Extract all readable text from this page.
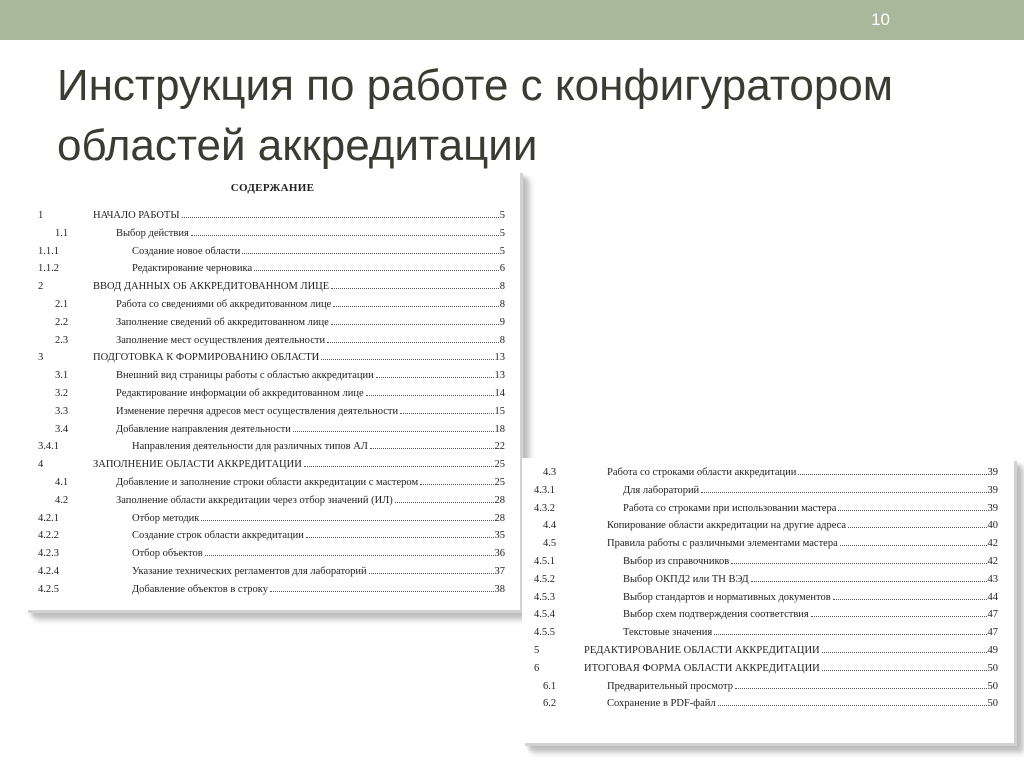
10
Инструкция по работе с конфигуратором
областей аккредитации
СОДЕРЖАНИЕ
1	НАЧАЛО РАБОТЫ	5
1.1	Выбор действия	5
1.1.1	Создание новое области	5
1.1.2	Редактирование черновика	6
2	ВВОД ДАННЫХ ОБ АККРЕДИТОВАННОМ ЛИЦЕ	8
2.1	Работа со сведениями об аккредитованном лице	8
2.2	Заполнение сведений об аккредитованном лице	9
2.3	Заполнение мест осуществления деятельности	8
3	ПОДГОТОВКА К ФОРМИРОВАНИЮ ОБЛАСТИ	13
3.1	Внешний вид страницы работы с областью аккредитации	13
3.2	Редактирование информации об аккредитованном лице	14
3.3	Изменение перечня адресов мест осуществления деятельности	15
3.4	Добавление направления деятельности	18
3.4.1	Направления деятельности для различных типов АЛ	22
4	ЗАПОЛНЕНИЕ ОБЛАСТИ АККРЕДИТАЦИИ	25
4.1	Добавление и заполнение строки области аккредитации с мастером	25
4.2	Заполнение области аккредитации через отбор значений (ИЛ)	28
4.2.1	Отбор методик	28
4.2.2	Создание строк области аккредитации	35
4.2.3	Отбор объектов	36
4.2.4	Указание технических регламентов для лабораторий	37
4.2.5	Добавление объектов в строку	38
4.3	Работа со строками области аккредитации	39
4.3.1	Для лабораторий	39
4.3.2	Работа со строками при использовании мастера	39
4.4	Копирование области аккредитации на другие адреса	40
4.5	Правила работы с различными элементами мастера	42
4.5.1	Выбор из справочников	42
4.5.2	Выбор ОКПД2 или ТН ВЭД	43
4.5.3	Выбор стандартов и нормативных документов	44
4.5.4	Выбор схем подтверждения соответствия	47
4.5.5	Текстовые значения	47
5	РЕДАКТИРОВАНИЕ ОБЛАСТИ АККРЕДИТАЦИИ	49
6	ИТОГОВАЯ ФОРМА ОБЛАСТИ АККРЕДИТАЦИИ	50
6.1	Предварительный просмотр	50
6.2	Сохранение в PDF-файл	50
